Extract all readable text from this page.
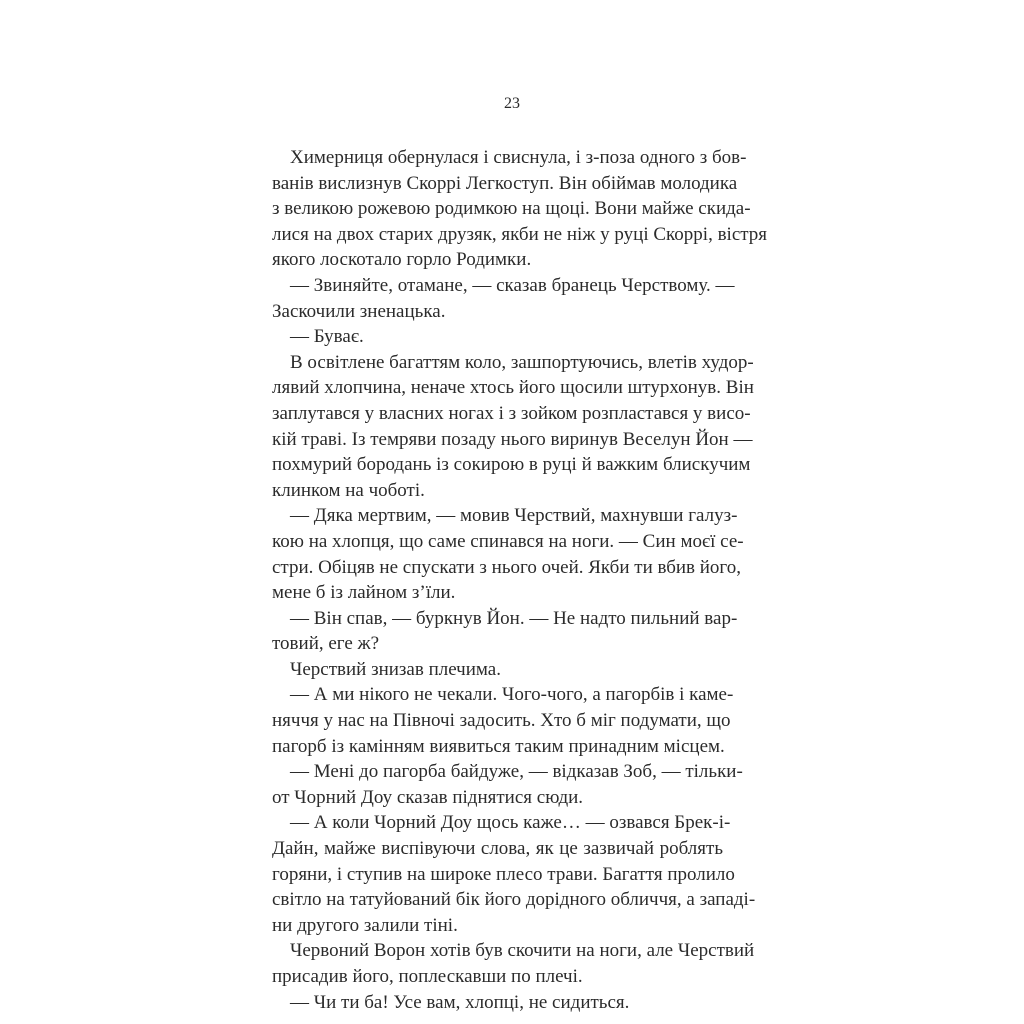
23
Химерниця обернулася і свиснула, і з-поза одного з бов-
ванів вислизнув Скоррі Легкоступ. Він обіймав молодика
з великою рожевою родимкою на щоці. Вони майже скида-
лися на двох старих друзяк, якби не ніж у руці Скоррі, вістря
якого лоскотало горло Родимки.
— Звиняйте, отамане, — сказав бранець Черствому. —
Заскочили зненацька.
— Буває.
В освітлене багаттям коло, зашпортуючись, влетів худор-
лявий хлопчина, неначе хтось його щосили штурхонув. Він
заплутався у власних ногах і з зойком розпластався у висо-
кій траві. Із темряви позаду нього виринув Веселун Йон —
похмурий бородань із сокирою в руці й важким блискучим
клинком на чоботі.
— Дяка мертвим, — мовив Черствий, махнувши галуз-
кою на хлопця, що саме спинався на ноги. — Син моєї се-
стри. Обіцяв не спускати з нього очей. Якби ти вбив його,
мене б із лайном з’їли.
— Він спав, — буркнув Йон. — Не надто пильний вар-
товий, еге ж?
Черствий знизав плечима.
— А ми нікого не чекали. Чого-чого, а пагорбів і каме-
няччя у нас на Півночі задосить. Хто б міг подумати, що
пагорб із камінням виявиться таким принадним місцем.
— Мені до пагорба байдуже, — відказав Зоб, — тільки-
от Чорний Доу сказав піднятися сюди.
— А коли Чорний Доу щось каже… — озвався Брек-і-
Дайн, майже виспівуючи слова, як це зазвичай роблять
горяни, і ступив на широке плесо трави. Багаття пролило
світло на татуйований бік його дорідного обличчя, а западі-
ни другого залили тіні.
Червоний Ворон хотів був скочити на ноги, але Черствий
присадив його, поплескавши по плечі.
— Чи ти ба! Усе вам, хлопці, не сидиться.
